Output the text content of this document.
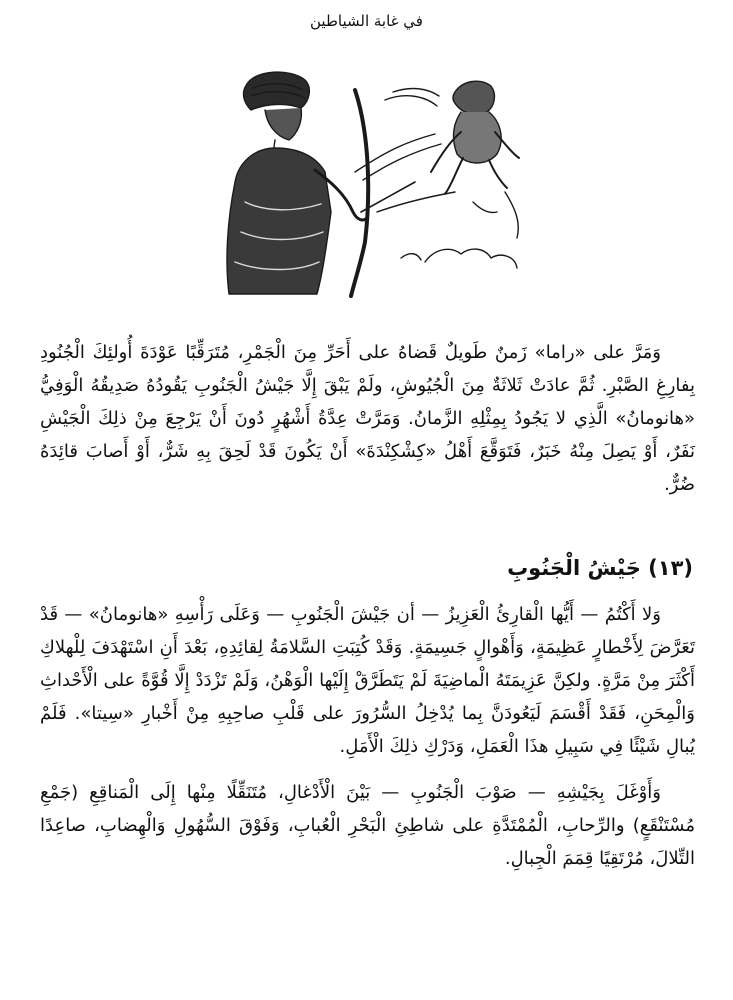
في غابة الشياطين

وَمَرَّ على «راما» زَمنٌ طَويلٌ قَضاهُ على أَحَرِّ مِنَ الْجَمْرِ، مُتَرَقِّبًا عَوْدَةَ أُولئِكَ الْجُنُودِ بِفارِغِ الصَّبْرِ. ثُمَّ عادَتْ ثَلاثَةٌ مِنَ الْجُيُوشِ، ولَمْ يَبْقَ إِلَّا جَيْشُ الْجَنُوبِ يَقُودُهُ صَدِيقُهُ الْوَفِيُّ «هانومانُ» الَّذِي لا يَجُودُ بِمِثْلِهِ الزَّمانُ. وَمَرَّتْ عِدَّةُ أَشْهُرٍ دُونَ أَنْ يَرْجِعَ مِنْ ذلِكَ الْجَيْشِ نَفَرٌ، أَوْ يَصِلَ مِنْهُ خَبَرٌ، فَتَوَقَّعَ أَهْلُ «كِشْكِنْدَةَ» أَنْ يَكُونَ قَدْ لَحِقَ بِهِ شَرٌّ، أَوْ أَصابَ قائِدَهُ ضُرٌّ.

(١٣) جَيْشُ الْجَنُوبِ

وَلا أَكْتُمُ — أَيُّها الْقارِئُ الْعَزِيزُ — أن جَيْشَ الْجَنُوبِ — وَعَلَى رَأْسِهِ «هانومانُ» — قَدْ تَعَرَّضَ لِأَخْطارٍ عَظِيمَةٍ، وَأَهْوالٍ جَسِيمَةٍ. وَقَدْ كُتِبَتِ السَّلامَةُ لِقائِدِهِ، بَعْدَ أَنِ اسْتَهْدَفَ لِلْهلاكِ أَكْثَرَ مِنْ مَرَّةٍ. ولكِنَّ عَزِيمَتَهُ الْماضِيَةَ لَمْ يَتَطَرَّقْ إِلَيْها الْوَهْنُ، وَلَمْ تَزْدَدْ إِلَّا قُوَّةً على الْأَحْداثِ وَالْمِحَنِ، فَقَدْ أَقْسَمَ لَيَعُودَنَّ بِما يُدْخِلُ السُّرُورَ على قَلْبِ صاحِبِهِ مِنْ أَخْبارِ «سِيتا». فَلَمْ يُبالِ شَيْئًا فِي سَبِيلِ هذَا الْعَمَلِ، وَدَرْكِ ذلِكَ الْأَمَلِ.

وَأَوْغَلَ بِجَيْشِهِ — صَوْبَ الْجَنُوبِ — بَيْنَ الْأَدْغالِ، مُتَنَقِّلًا مِنْها إِلَى الْمَناقِعِ (جَمْعِ مُسْتَنْقَعٍ) والرِّحابِ، الْمُمْتَدَّةِ على شاطِئِ الْبَحْرِ الْعُبابِ، وَفَوْقَ السُّهُولِ وَالْهِضابِ، صاعِدًا التِّلالَ، مُرْتَقِيًا قِمَمَ الْجِبالِ.
